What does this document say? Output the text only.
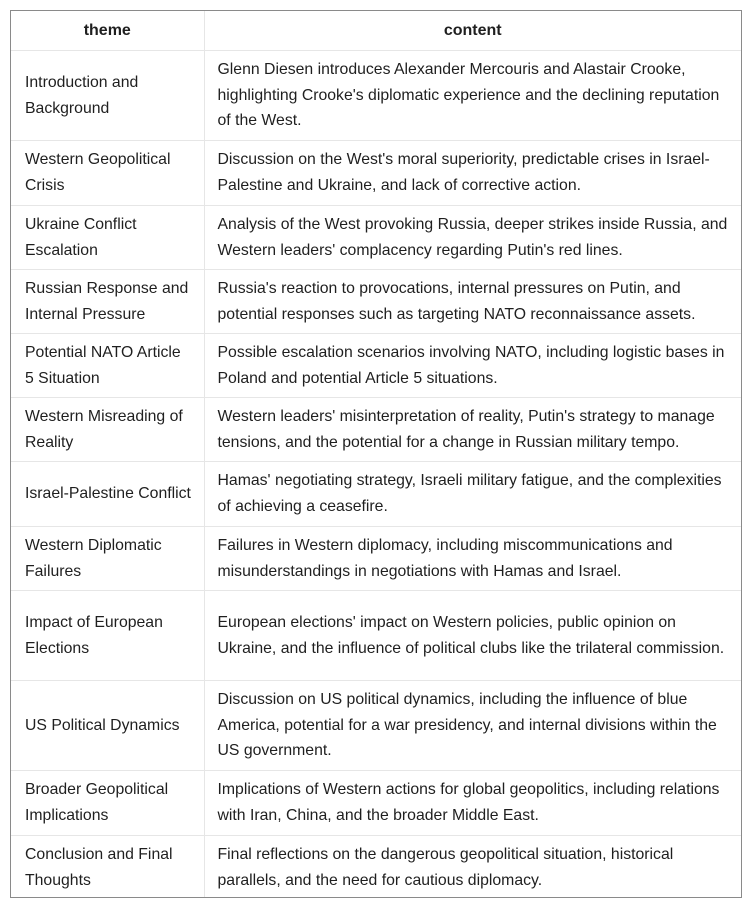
theme	content
Introduction and Background	Glenn Diesen introduces Alexander Mercouris and Alastair Crooke, highlighting Crooke's diplomatic experience and the declining reputation of the West.
Western Geopolitical Crisis	Discussion on the West's moral superiority, predictable crises in Israel-Palestine and Ukraine, and lack of corrective action.
Ukraine Conflict Escalation	Analysis of the West provoking Russia, deeper strikes inside Russia, and Western leaders' complacency regarding Putin's red lines.
Russian Response and Internal Pressure	Russia's reaction to provocations, internal pressures on Putin, and potential responses such as targeting NATO reconnaissance assets.
Potential NATO Article 5 Situation	Possible escalation scenarios involving NATO, including logistic bases in Poland and potential Article 5 situations.
Western Misreading of Reality	Western leaders' misinterpretation of reality, Putin's strategy to manage tensions, and the potential for a change in Russian military tempo.
Israel-Palestine Conflict	Hamas' negotiating strategy, Israeli military fatigue, and the complexities of achieving a ceasefire.
Western Diplomatic Failures	Failures in Western diplomacy, including miscommunications and misunderstandings in negotiations with Hamas and Israel.
Impact of European Elections	European elections' impact on Western policies, public opinion on Ukraine, and the influence of political clubs like the trilateral commission.
US Political Dynamics	Discussion on US political dynamics, including the influence of blue America, potential for a war presidency, and internal divisions within the US government.
Broader Geopolitical Implications	Implications of Western actions for global geopolitics, including relations with Iran, China, and the broader Middle East.
Conclusion and Final Thoughts	Final reflections on the dangerous geopolitical situation, historical parallels, and the need for cautious diplomacy.
